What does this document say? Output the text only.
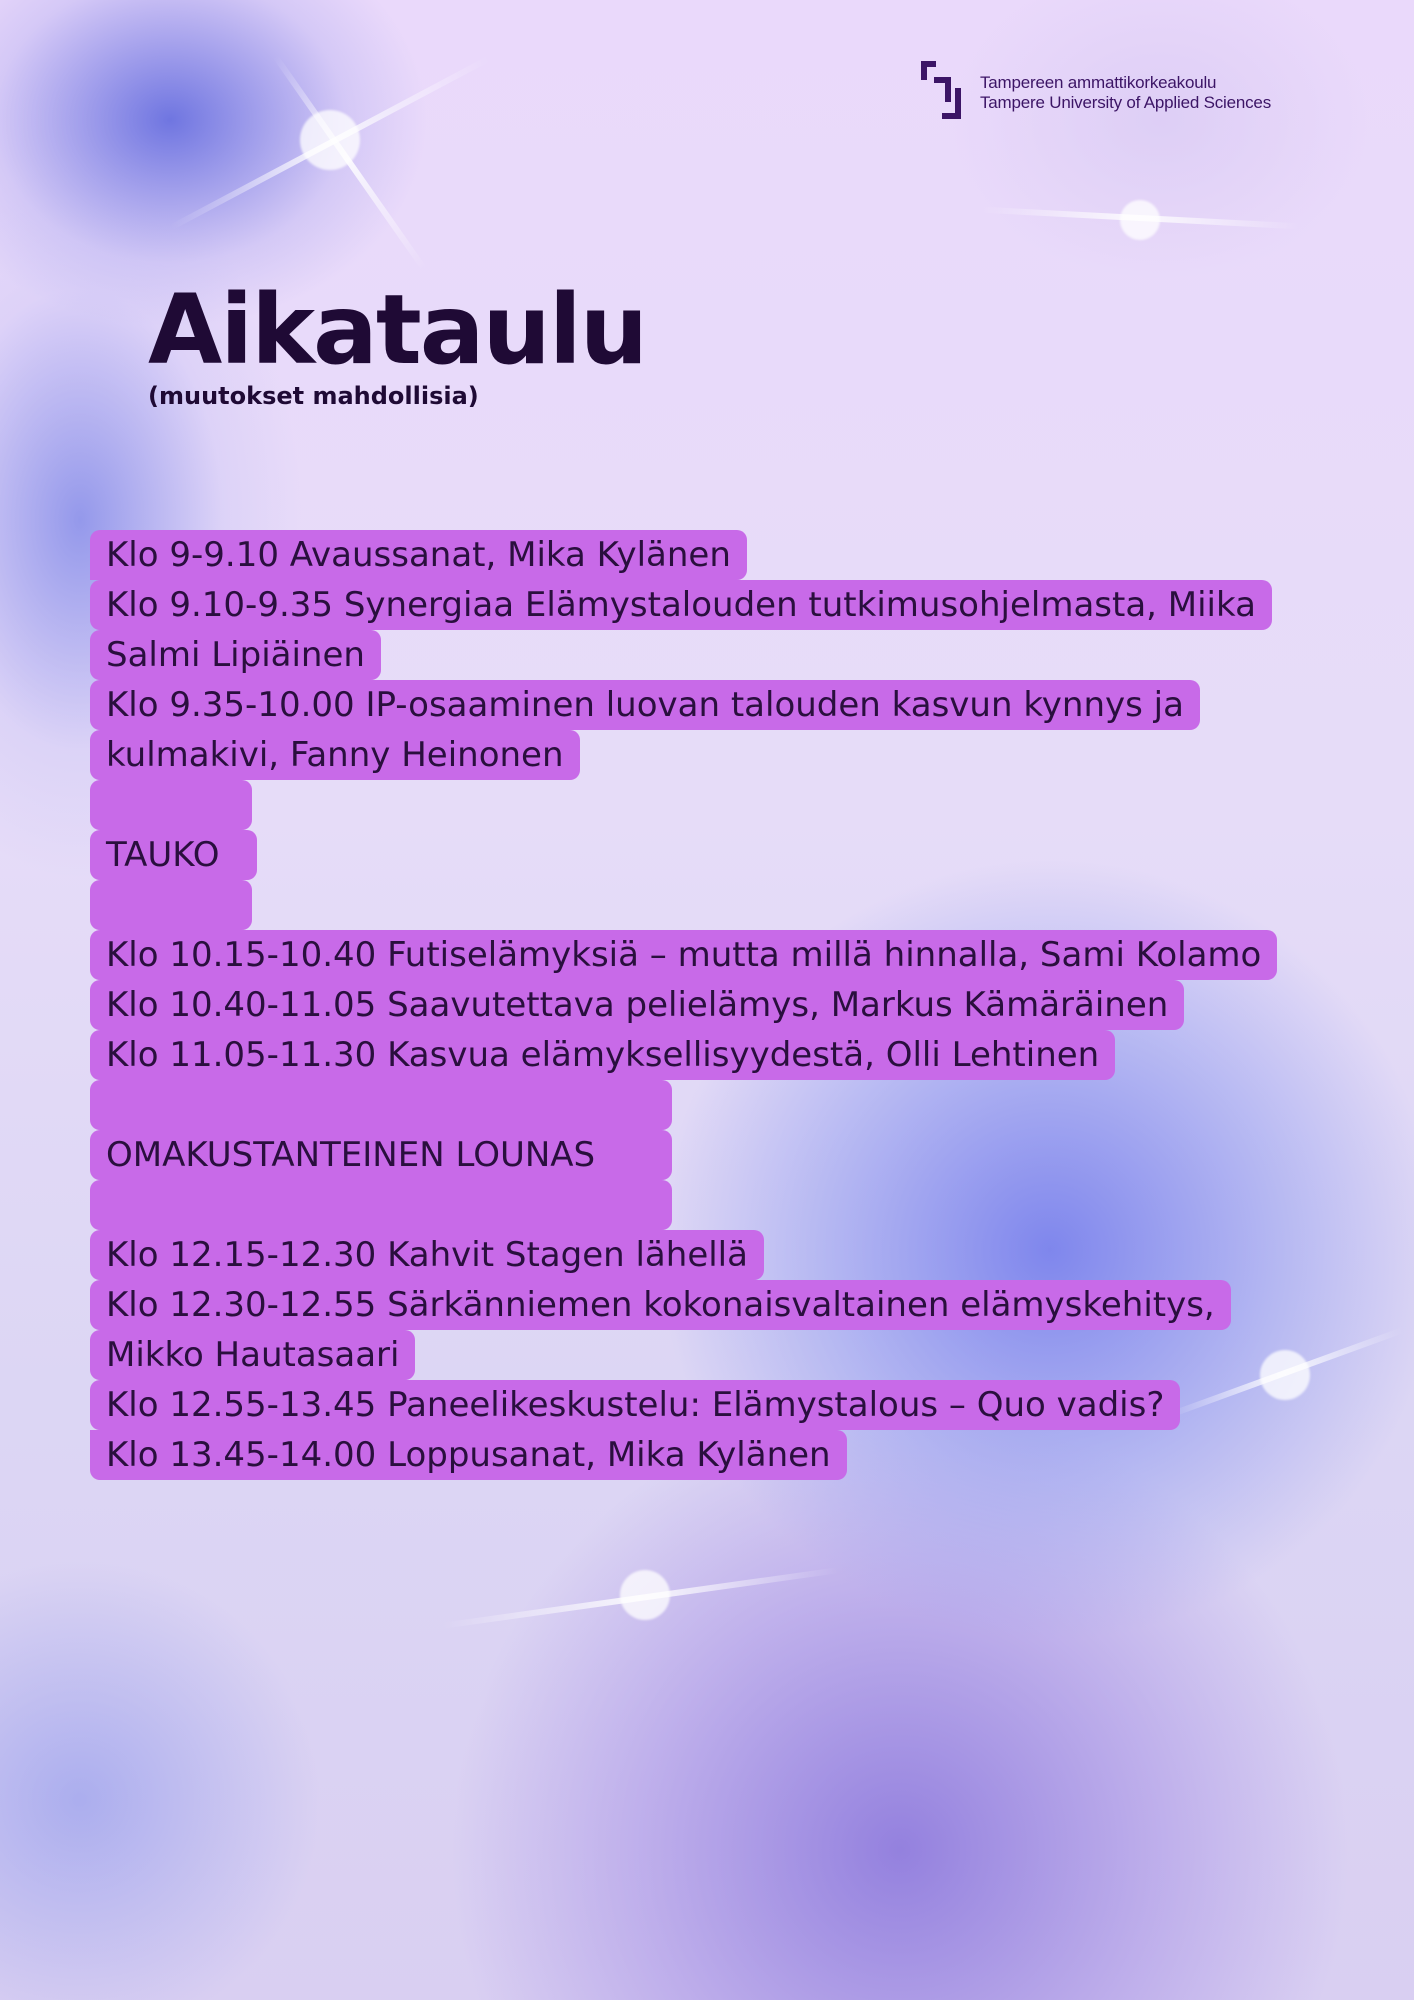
Tampereen ammattikorkeakoulu
Tampere University of Applied Sciences
Aikataulu
(muutokset mahdollisia)
Klo 9-9.10 Avaussanat, Mika Kylänen
Klo 9.10-9.35 Synergiaa Elämystalouden tutkimusohjelmasta, Miika
Salmi Lipiäinen
Klo 9.35-10.00 IP-osaaminen luovan talouden kasvun kynnys ja
kulmakivi, Fanny Heinonen
TAUKO
Klo 10.15-10.40 Futiselämyksiä – mutta millä hinnalla, Sami Kolamo
Klo 10.40-11.05 Saavutettava pelielämys, Markus Kämäräinen
Klo 11.05-11.30 Kasvua elämyksellisyydestä, Olli Lehtinen
OMAKUSTANTEINEN LOUNAS
Klo 12.15-12.30 Kahvit Stagen lähellä
Klo 12.30-12.55 Särkänniemen kokonaisvaltainen elämyskehitys,
Mikko Hautasaari
Klo 12.55-13.45 Paneelikeskustelu: Elämystalous – Quo vadis?
Klo 13.45-14.00 Loppusanat, Mika Kylänen
